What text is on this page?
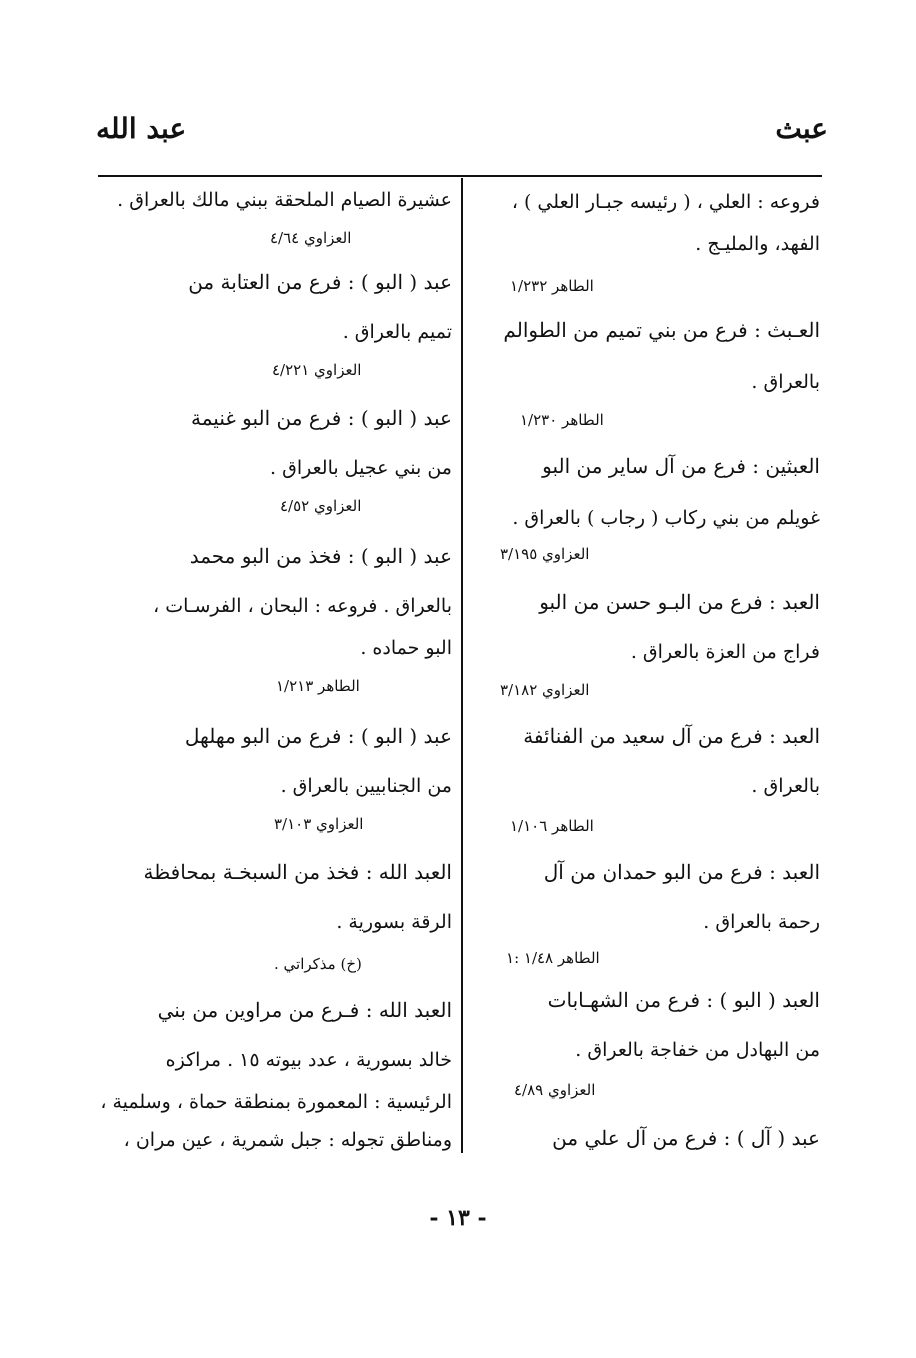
عبث
عبد الله
فروعه : العلي ، ( رئيسه جبـار العلي ) ،
الفهد، والمليـج .
الطاهر ١/٢٣٢
العـبث : فرع من بني تميم من الطوالم
بالعراق .
الطاهر ١/٢٣٠
العبثين : فرع من آل ساير من البو
غويلم من بني ركاب ( رجاب ) بالعراق .
العزاوي ٣/١٩٥
العبد : فرع من البـو حسن من البو
فراج من العزة بالعراق .
العزاوي ٣/١٨٢
العبد : فرع من آل سعيد من الفنائفة
بالعراق .
الطاهر ١/١٠٦
العبد : فرع من البو حمدان من آل
رحمة بالعراق .
الطاهر ١/٤٨ :١
العبد ( البو ) : فرع من الشهـابات
من البهادل من خفاجة بالعراق .
العزاوي ٤/٨٩
عبد ( آل ) : فرع من آل علي من
عشيرة الصيام الملحقة ببني مالك بالعراق .
العزاوي ٤/٦٤
عبد ( البو ) : فرع من العتابة من
تميم بالعراق .
العزاوي ٤/٢٢١
عبد ( البو ) : فرع من البو غنيمة
من بني عجيل بالعراق .
العزاوي ٤/٥٢
عبد ( البو ) : فخذ من البو محمد
بالعراق . فروعه : البحان ، الفرسـات ،
البو حماده .
الطاهر ١/٢١٣
عبد ( البو ) : فرع من البو مهلهل
من الجنابيين بالعراق .
العزاوي ٣/١٠٣
العبد الله : فخذ من السبخـة بمحافظة
الرقة بسورية .
(خ) مذكراتي .
العبد الله : فـرع من مراوين من بني
خالد بسورية ، عدد بيوته ١٥ . مراكزه
الرئيسية : المعمورة بمنطقة حماة ، وسلمية ،
ومناطق تجوله : جبل شمرية ، عين مران ،
- ١٣ -
